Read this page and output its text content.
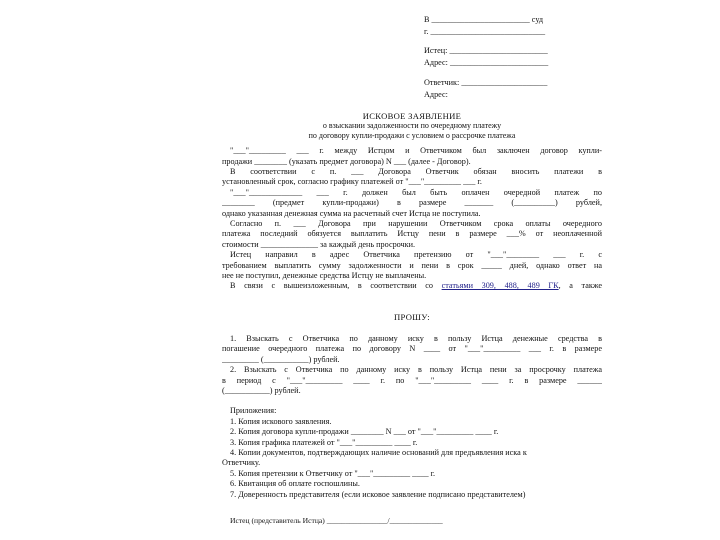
В ________________________ суд
г. ____________________________
Истец: ________________________
Адрес: ________________________
Ответчик: _____________________
Адрес:
ИСКОВОЕ ЗАЯВЛЕНИЕ
о взыскании задолженности по очередному платежу
по договору купли-продажи с условием о рассрочке платежа
"___"_________ ___ г. между Истцом и Ответчиком был заключен договор купли-
продажи ________ (указать предмет договора) N ___ (далее - Договор).
В соответствии с п. ___ Договора Ответчик обязан вносить платежи в
установленный срок, согласно графику платежей от "___"_________ ___ г.
"___"_____________ ___ г. должен был быть оплачен очередной платеж по
________ (предмет купли-продажи) в размере _______ (__________) рублей,
однако указанная денежная сумма на расчетный счет Истца не поступила.
Согласно п. ___ Договора при нарушении Ответчиком срока оплаты очередного
платежа последний обязуется выплатить Истцу пени в размере ___% от неоплаченной
стоимости ______________ за каждый день просрочки.
Истец направил в адрес Ответчика претензию от "___"________ ___ г. с
требованием выплатить сумму задолженности и пени в срок _____ дней, однако ответ на
нее не поступил, денежные средства Истцу не выплачены.
В связи с вышеизложенным, в соответствии со статьями 309, 488, 489 ГК, а также
ПРОШУ:
1. Взыскать с Ответчика по данному иску в пользу Истца денежные средства в
погашение очередного платежа по договору N ____ от "___"_________ ___ г. в размере
_________ (___________) рублей.
2. Взыскать с Ответчика по данному иску в пользу Истца пени за просрочку платежа
в период с "___"_________ ____ г. по "___"_________ ____ г. в размере ______
(___________) рублей.
Приложения:
1. Копия искового заявления.
2. Копия договора купли-продажи ________ N ___ от "___"_________ ____ г.
3. Копия графика платежей от "___"_________ ____ г.
4. Копии документов, подтверждающих наличие оснований для предъявления иска к
Ответчику.
5. Копия претензии к Ответчику от "___"_________ ____ г.
6. Квитанция об оплате госпошлины.
7. Доверенность представителя (если исковое заявление подписано представителем)
Истец (представитель Истца) ________________/______________
